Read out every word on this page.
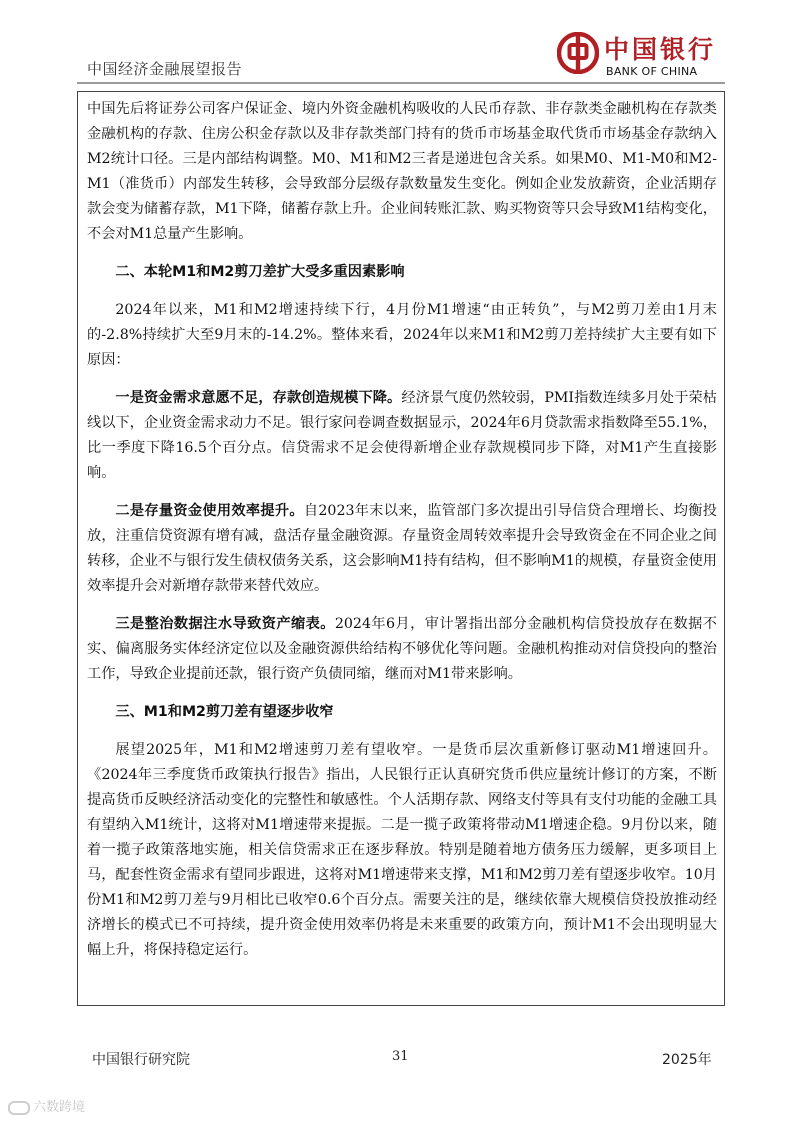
中国经济金融展望报告
中国银行
BANK OF CHINA

中国先后将证券公司客户保证金、境内外资金融机构吸收的人民币存款、非存款类金融机构在存款类金融机构的存款、住房公积金存款以及非存款类部门持有的货币市场基金取代货币市场基金存款纳入M2统计口径。三是内部结构调整。M0、M1和M2三者是递进包含关系。如果M0、M1-M0和M2-M1（准货币）内部发生转移，会导致部分层级存款数量发生变化。例如企业发放薪资，企业活期存款会变为储蓄存款，M1下降，储蓄存款上升。企业间转账汇款、购买物资等只会导致M1结构变化，不会对M1总量产生影响。

二、本轮M1和M2剪刀差扩大受多重因素影响

2024年以来，M1和M2增速持续下行，4月份M1增速“由正转负”，与M2剪刀差由1月末的-2.8%持续扩大至9月末的-14.2%。整体来看，2024年以来M1和M2剪刀差持续扩大主要有如下原因：

一是资金需求意愿不足，存款创造规模下降。经济景气度仍然较弱，PMI指数连续多月处于荣枯线以下，企业资金需求动力不足。银行家问卷调查数据显示，2024年6月贷款需求指数降至55.1%，比一季度下降16.5个百分点。信贷需求不足会使得新增企业存款规模同步下降，对M1产生直接影响。

二是存量资金使用效率提升。自2023年末以来，监管部门多次提出引导信贷合理增长、均衡投放，注重信贷资源有增有减，盘活存量金融资源。存量资金周转效率提升会导致资金在不同企业之间转移，企业不与银行发生债权债务关系，这会影响M1持有结构，但不影响M1的规模，存量资金使用效率提升会对新增存款带来替代效应。

三是整治数据注水导致资产缩表。2024年6月，审计署指出部分金融机构信贷投放存在数据不实、偏离服务实体经济定位以及金融资源供给结构不够优化等问题。金融机构推动对信贷投向的整治工作，导致企业提前还款，银行资产负债同缩，继而对M1带来影响。

三、M1和M2剪刀差有望逐步收窄

展望2025年，M1和M2增速剪刀差有望收窄。一是货币层次重新修订驱动M1增速回升。《2024年三季度货币政策执行报告》指出，人民银行正认真研究货币供应量统计修订的方案，不断提高货币反映经济活动变化的完整性和敏感性。个人活期存款、网络支付等具有支付功能的金融工具有望纳入M1统计，这将对M1增速带来提振。二是一揽子政策将带动M1增速企稳。9月份以来，随着一揽子政策落地实施，相关信贷需求正在逐步释放。特别是随着地方债务压力缓解，更多项目上马，配套性资金需求有望同步跟进，这将对M1增速带来支撑，M1和M2剪刀差有望逐步收窄。10月份M1和M2剪刀差与9月相比已收窄0.6个百分点。需要关注的是，继续依靠大规模信贷投放推动经济增长的模式已不可持续，提升资金使用效率仍将是未来重要的政策方向，预计M1不会出现明显大幅上升，将保持稳定运行。

中国银行研究院	31	2025年
六数跨境
